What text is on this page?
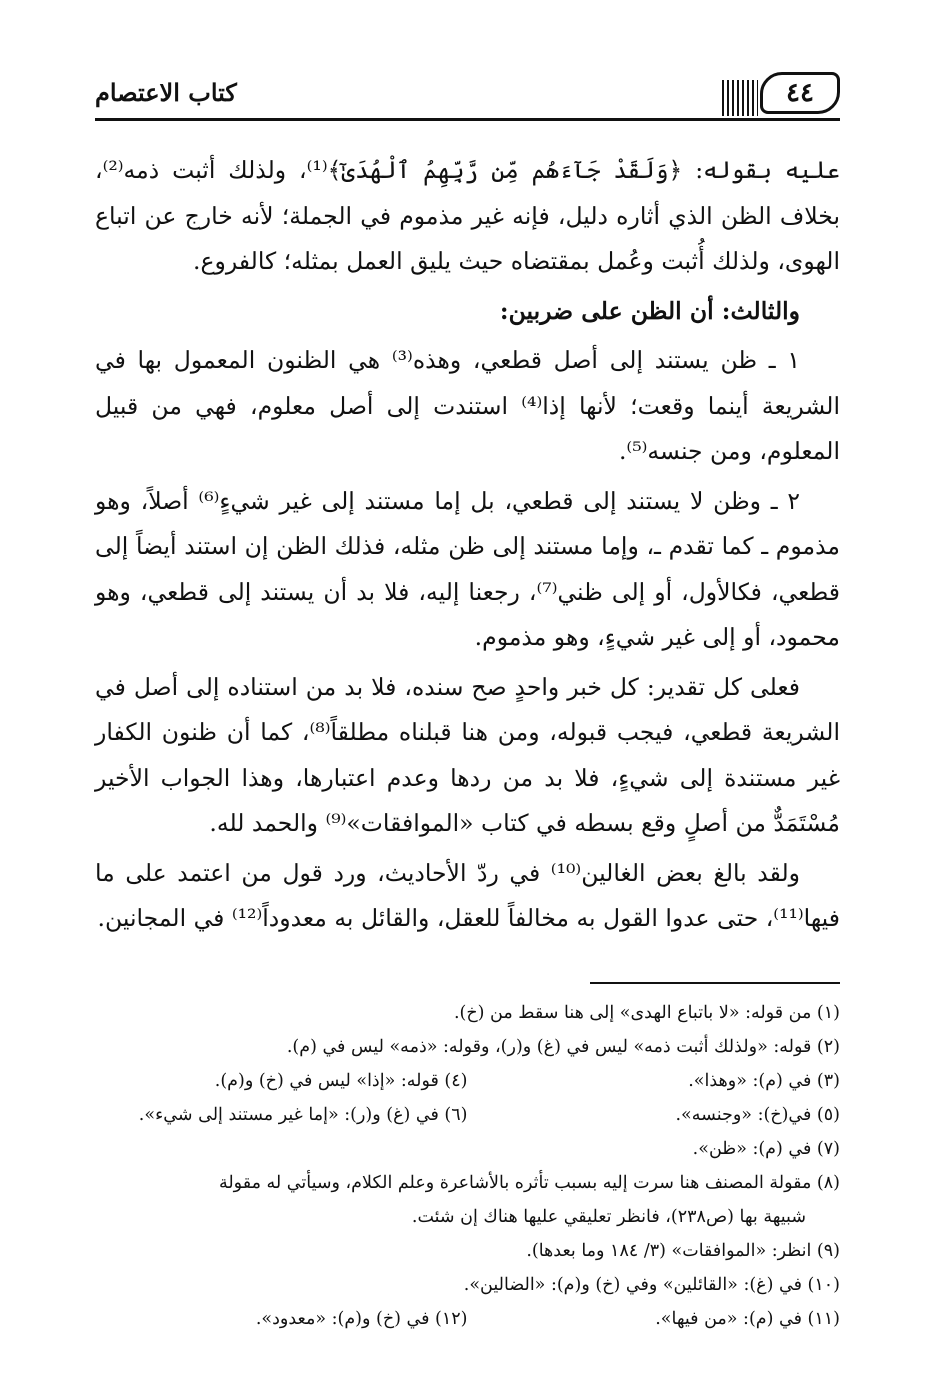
كتاب الاعتصام	٤٤

عليه بقوله: ﴿وَلَقَدْ جَآءَهُم مِّن رَّبِّهِمُ ٱلْهُدَىٰٓ﴾⁽¹⁾، ولذلك أثبت ذمه⁽²⁾، بخلاف الظن الذي أثاره دليل، فإنه غير مذموم في الجملة؛ لأنه خارج عن اتباع الهوى، ولذلك أُثبت وعُمل بمقتضاه حيث يليق العمل بمثله؛ كالفروع.

والثالث: أن الظن على ضربين:

١ ـ ظن يستند إلى أصل قطعي، وهذه⁽³⁾ هي الظنون المعمول بها في الشريعة أينما وقعت؛ لأنها إذا⁽⁴⁾ استندت إلى أصل معلوم، فهي من قبيل المعلوم، ومن جنسه⁽⁵⁾.

٢ ـ وظن لا يستند إلى قطعي، بل إما مستند إلى غير شيءٍ⁽⁶⁾ أصلاً، وهو مذموم ـ كما تقدم ـ، وإما مستند إلى ظن مثله، فذلك الظن إن استند أيضاً إلى قطعي، فكالأول، أو إلى ظني⁽⁷⁾، رجعنا إليه، فلا بد أن يستند إلى قطعي، وهو محمود، أو إلى غير شيءٍ، وهو مذموم.

فعلى كل تقدير: كل خبر واحدٍ صح سنده، فلا بد من استناده إلى أصل في الشريعة قطعي، فيجب قبوله، ومن هنا قبلناه مطلقاً⁽⁸⁾، كما أن ظنون الكفار غير مستندة إلى شيءٍ، فلا بد من ردها وعدم اعتبارها، وهذا الجواب الأخير مُسْتَمَدٌّ من أصلٍ وقع بسطه في كتاب «الموافقات»⁽⁹⁾ والحمد لله.

ولقد بالغ بعض الغالين⁽¹⁰⁾ في ردّ الأحاديث، ورد قول من اعتمد على ما فيها⁽¹¹⁾، حتى عدوا القول به مخالفاً للعقل، والقائل به معدوداً⁽¹²⁾ في المجانين.

(١) من قوله: «لا باتباع الهدى» إلى هنا سقط من (خ).
(٢) قوله: «ولذلك أثبت ذمه» ليس في (غ) و(ر)، وقوله: «ذمه» ليس في (م).
(٣) في (م): «وهذا».
(٤) قوله: «إذا» ليس في (خ) و(م).
(٥) في(خ): «وجنسه».
(٦) في (غ) و(ر): «إما غير مستند إلى شيء».
(٧) في (م): «ظن».
(٨) مقولة المصنف هنا سرت إليه بسبب تأثره بالأشاعرة وعلم الكلام، وسيأتي له مقولة
شبيهة بها (ص٢٣٨)، فانظر تعليقي عليها هناك إن شئت.
(٩) انظر: «الموافقات» (٣/ ١٨٤ وما بعدها).
(١٠) في (غ): «القائلين» وفي (خ) و(م): «الضالين».
(١١) في (م): «من فيها».
(١٢) في (خ) و(م): «معدود».
